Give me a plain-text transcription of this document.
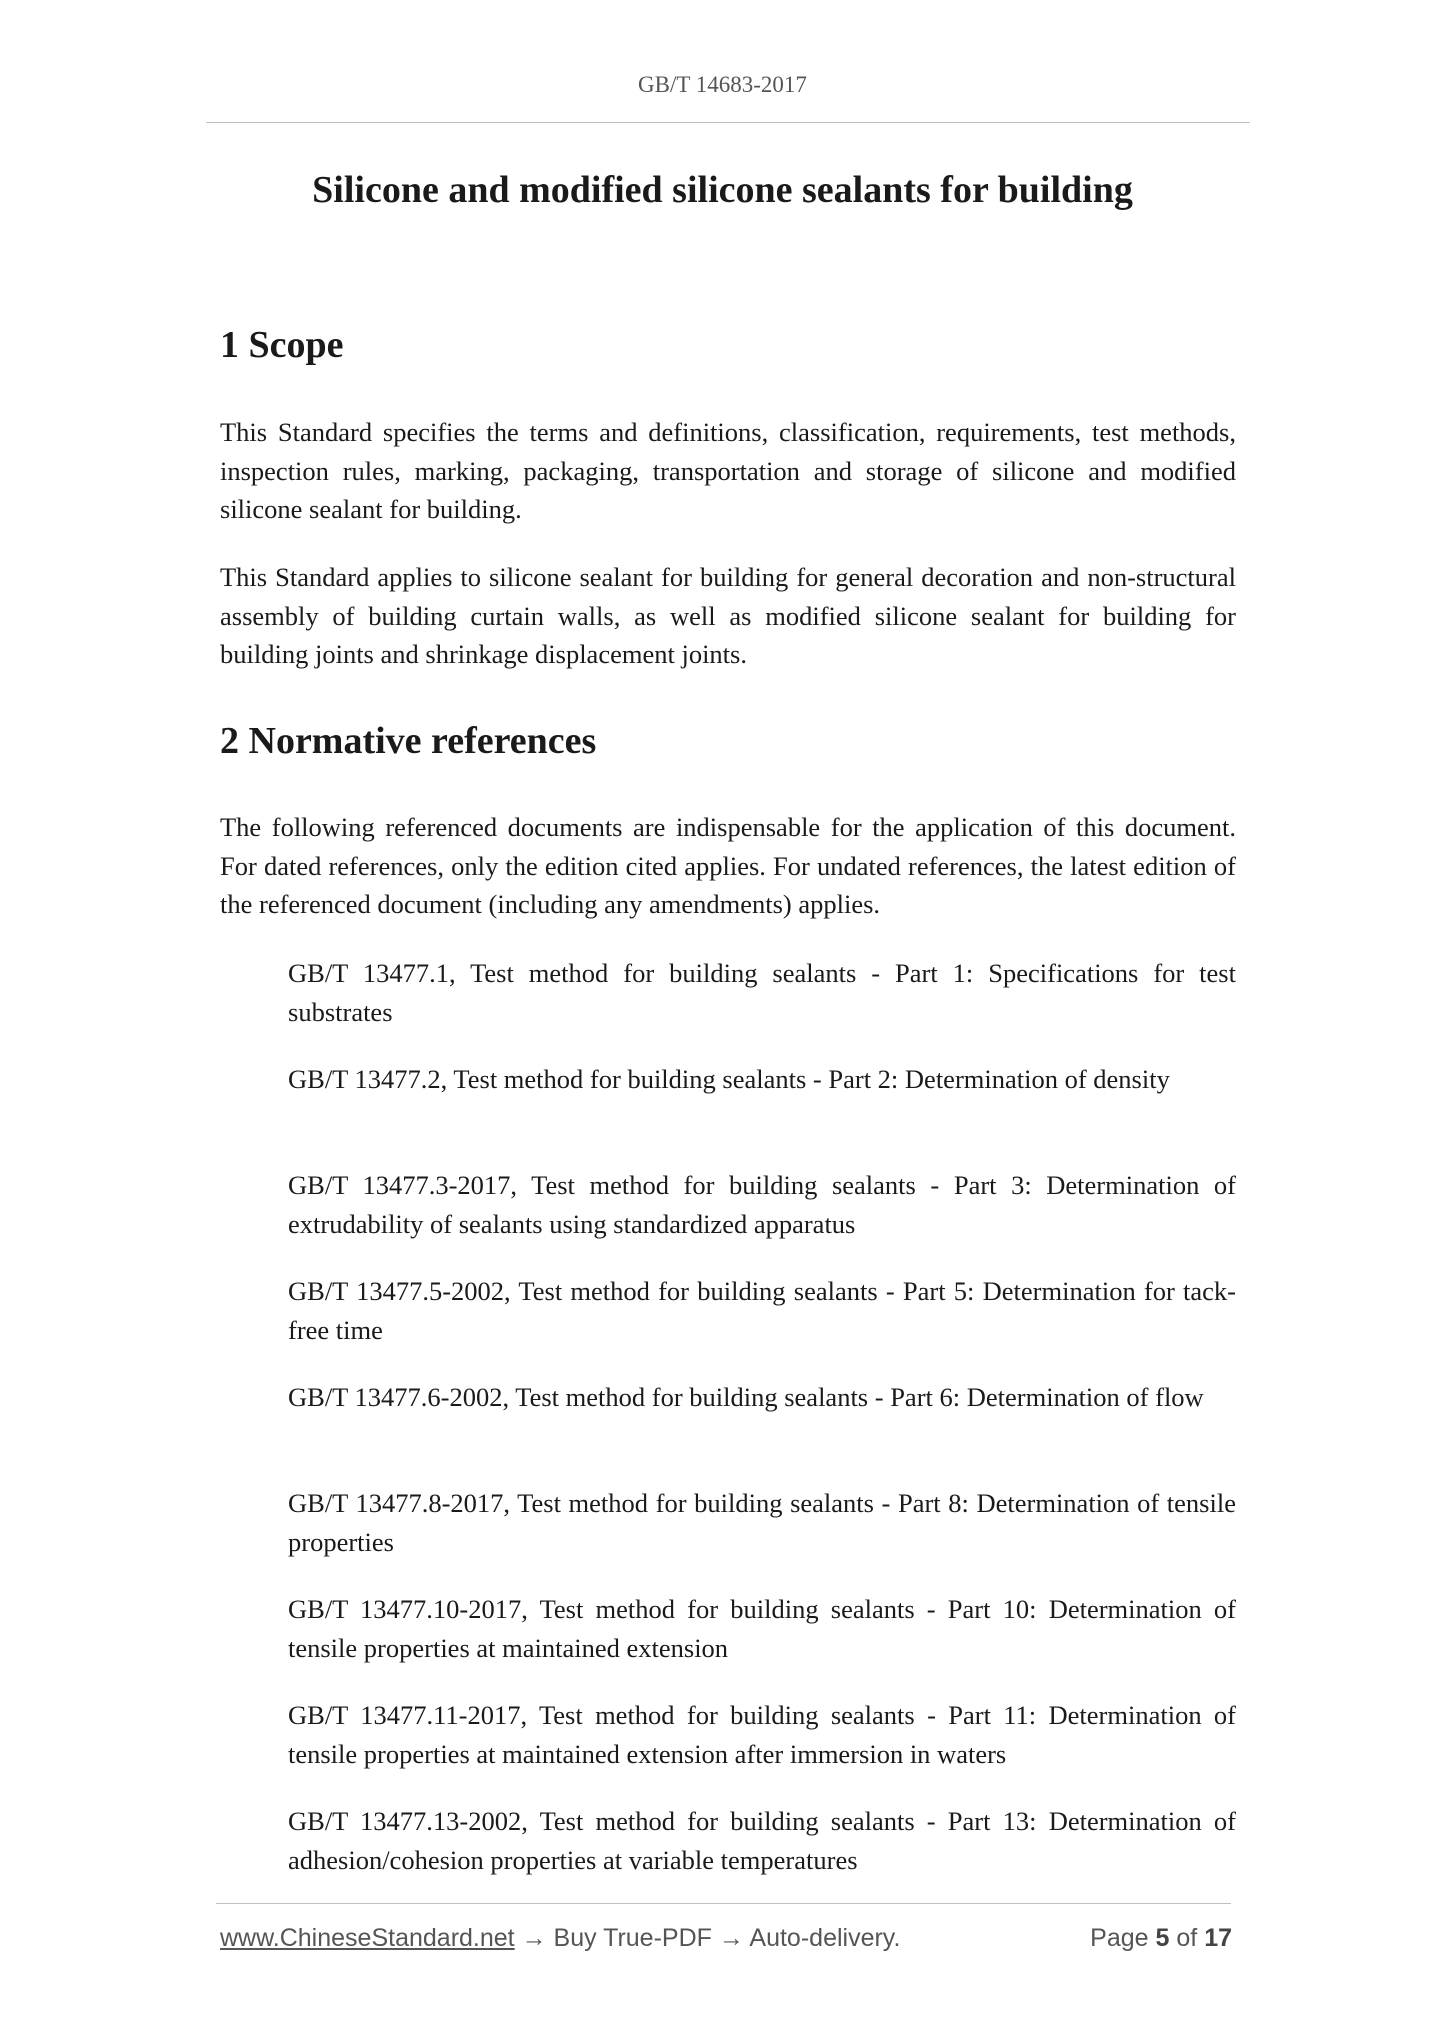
GB/T 14683-2017
Silicone and modified silicone sealants for building
1 Scope

This Standard specifies the terms and definitions, classification, requirements, test methods, inspection rules, marking, packaging, transportation and storage of silicone and modified silicone sealant for building.

This Standard applies to silicone sealant for building for general decoration and non-structural assembly of building curtain walls, as well as modified silicone sealant for building for building joints and shrinkage displacement joints.

2 Normative references

The following referenced documents are indispensable for the application of this document. For dated references, only the edition cited applies. For undated references, the latest edition of the referenced document (including any amendments) applies.

GB/T 13477.1, Test method for building sealants - Part 1: Specifications for test substrates

GB/T 13477.2, Test method for building sealants - Part 2: Determination of density

GB/T 13477.3-2017, Test method for building sealants - Part 3: Determination of extrudability of sealants using standardized apparatus

GB/T 13477.5-2002, Test method for building sealants - Part 5: Determination for tack-free time

GB/T 13477.6-2002, Test method for building sealants - Part 6: Determination of flow

GB/T 13477.8-2017, Test method for building sealants - Part 8: Determination of tensile properties

GB/T 13477.10-2017, Test method for building sealants - Part 10: Determination of tensile properties at maintained extension

GB/T 13477.11-2017, Test method for building sealants - Part 11: Determination of tensile properties at maintained extension after immersion in waters

GB/T 13477.13-2002, Test method for building sealants - Part 13: Determination of adhesion/cohesion properties at variable temperatures

www.ChineseStandard.net → Buy True-PDF → Auto-delivery.	Page 5 of 17
